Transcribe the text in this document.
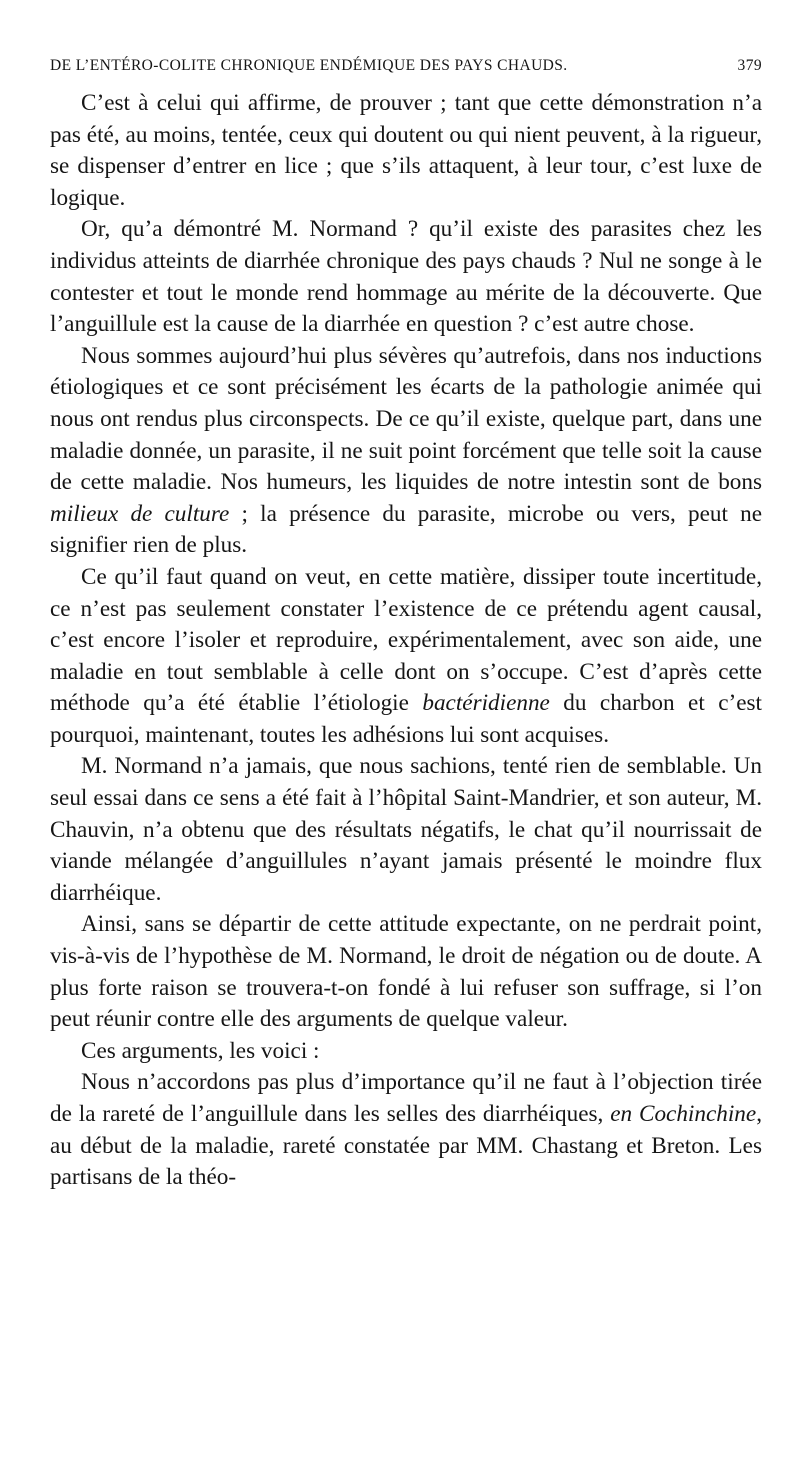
DE L’ENTÉRO-COLITE CHRONIQUE ENDÉMIQUE DES PAYS CHAUDS.	379

C’est à celui qui affirme, de prouver ; tant que cette démonstration n’a pas été, au moins, tentée, ceux qui doutent ou qui nient peuvent, à la rigueur, se dispenser d’entrer en lice ; que s’ils attaquent, à leur tour, c’est luxe de logique.

Or, qu’a démontré M. Normand ? qu’il existe des parasites chez les individus atteints de diarrhée chronique des pays chauds ? Nul ne songe à le contester et tout le monde rend hommage au mérite de la découverte. Que l’anguillule est la cause de la diarrhée en question ? c’est autre chose.

Nous sommes aujourd’hui plus sévères qu’autrefois, dans nos inductions étiologiques et ce sont précisément les écarts de la pathologie animée qui nous ont rendus plus circonspects. De ce qu’il existe, quelque part, dans une maladie donnée, un parasite, il ne suit point forcément que telle soit la cause de cette maladie. Nos humeurs, les liquides de notre intestin sont de bons milieux de culture ; la présence du parasite, microbe ou vers, peut ne signifier rien de plus.

Ce qu’il faut quand on veut, en cette matière, dissiper toute incertitude, ce n’est pas seulement constater l’existence de ce prétendu agent causal, c’est encore l’isoler et reproduire, expérimentalement, avec son aide, une maladie en tout semblable à celle dont on s’occupe. C’est d’après cette méthode qu’a été établie l’étiologie bactéridienne du charbon et c’est pourquoi, maintenant, toutes les adhésions lui sont acquises.

M. Normand n’a jamais, que nous sachions, tenté rien de semblable. Un seul essai dans ce sens a été fait à l’hôpital Saint-Mandrier, et son auteur, M. Chauvin, n’a obtenu que des résultats négatifs, le chat qu’il nourrissait de viande mélangée d’anguillules n’ayant jamais présenté le moindre flux diarrhéique.

Ainsi, sans se départir de cette attitude expectante, on ne perdrait point, vis-à-vis de l’hypothèse de M. Normand, le droit de négation ou de doute. A plus forte raison se trouvera-t-on fondé à lui refuser son suffrage, si l’on peut réunir contre elle des arguments de quelque valeur.

Ces arguments, les voici :

Nous n’accordons pas plus d’importance qu’il ne faut à l’objection tirée de la rareté de l’anguillule dans les selles des diarrhéiques, en Cochinchine, au début de la maladie, rareté constatée par MM. Chastang et Breton. Les partisans de la théo-
